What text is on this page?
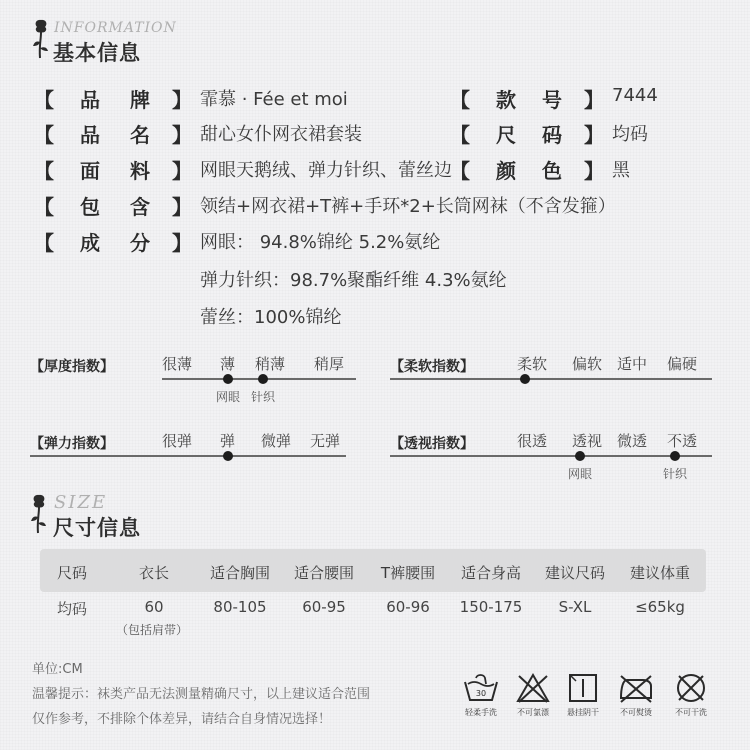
INFORMATION
基本信息
【 品 牌 】 霏慕 · Fée et moi	【 款 号 】 7444
【 品 名 】 甜心女仆网衣裙套装	【 尺 码 】 均码
【 面 料 】 网眼天鹅绒、弹力针织、蕾丝边
【 颜 色 】 黑
【 包 含 】 领结+网衣裙+T裤+手环*2+长筒网袜（不含发箍）
【 成 分 】 网眼： 94.8%锦纶 5.2%氨纶
弹力针织：98.7%聚酯纤维 4.3%氨纶
蕾丝：100%锦纶
【厚度指数】	很薄 薄 稍薄 稍厚
网眼 针织
【柔软指数】	柔软 偏软 适中 偏硬
【弹力指数】	很弹 弹 微弹 无弹	【透视指数】	很透 透视 微透 不透
网眼	针织
SIZE
尺寸信息
尺码	衣长	适合胸围 适合腰围 T裤腰围 适合身高 建议尺码 建议体重
均码	60	80-105 60-95	60-96 150-175 S-XL	≤65kg
（包括肩带）
单位:CM
温馨提示：袜类产品无法测量精确尺寸，以上建议适合范围
仅作参考，不排除个体差异，请结合自身情况选择！
30
轻柔手洗	不可氯漂	悬挂阴干	不可熨烫	不可干洗
